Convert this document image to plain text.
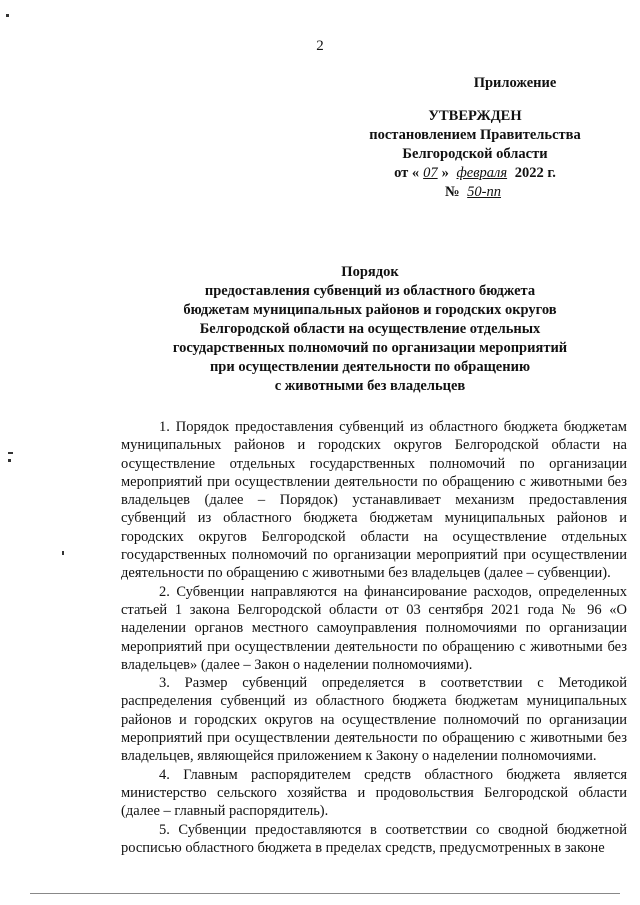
2
Приложение
УТВЕРЖДЕН
постановлением Правительства
Белгородской области
от « 07 » февраля 2022 г.
№ 50-пп
Порядок
предоставления субвенций из областного бюджета
бюджетам муниципальных районов и городских округов
Белгородской области на осуществление отдельных
государственных полномочий по организации мероприятий
при осуществлении деятельности по обращению
с животными без владельцев

1. Порядок предоставления субвенций из областного бюджета бюджетам муниципальных районов и городских округов Белгородской области на осуществление отдельных государственных полномочий по организации мероприятий при осуществлении деятельности по обращению с животными без владельцев (далее – Порядок) устанавливает механизм предоставления субвенций из областного бюджета бюджетам муниципальных районов и городских округов Белгородской области на осуществление отдельных государственных полномочий по организации мероприятий при осуществлении деятельности по обращению с животными без владельцев (далее – субвенции).

2. Субвенции направляются на финансирование расходов, определенных статьей 1 закона Белгородской области от 03 сентября 2021 года № 96 «О наделении органов местного самоуправления полномочиями по организации мероприятий при осуществлении деятельности по обращению с животными без владельцев» (далее – Закон о наделении полномочиями).

3. Размер субвенций определяется в соответствии с Методикой распределения субвенций из областного бюджета бюджетам муниципальных районов и городских округов на осуществление полномочий по организации мероприятий при осуществлении деятельности по обращению с животными без владельцев, являющейся приложением к Закону о наделении полномочиями.

4. Главным распорядителем средств областного бюджета является министерство сельского хозяйства и продовольствия Белгородской области (далее – главный распорядитель).

5. Субвенции предоставляются в соответствии со сводной бюджетной росписью областного бюджета в пределах средств, предусмотренных в законе
